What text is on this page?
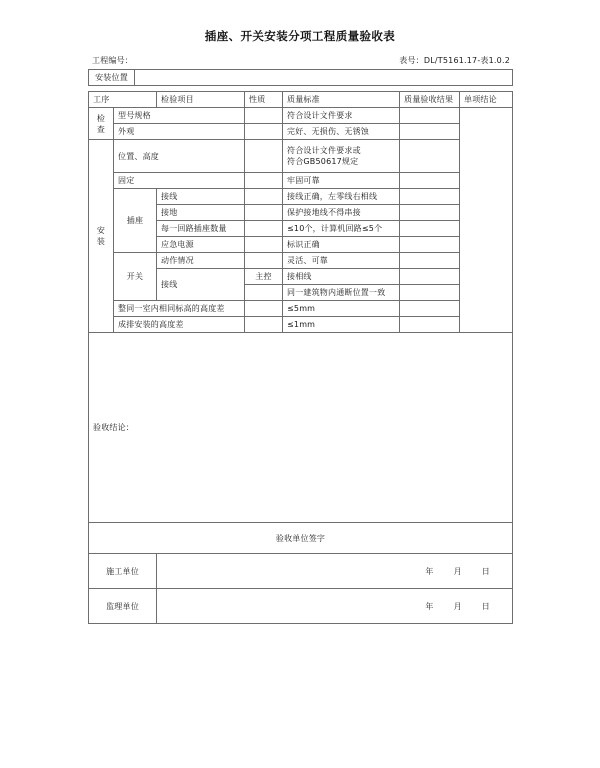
插座、开关安装分项工程质量验收表
工程编号：	表号：DL/T5161.17-表1.0.2
安装位置	
工序		检验项目	性质	质量标准	质量验收结果	单项结论
检查	型号规格			符合设计文件要求		
	外观			完好、无损伤、无锈蚀		
安装	位置、高度			符合设计文件要求或
符合GB50617规定		
	固定			牢固可靠		
	插座	接线		接线正确，左零线右相线		
		接地		保护接地线不得串接		
		每一回路插座数量		≤10个，计算机回路≤5个		
		应急电源		标识正确		
	开关	动作情况		灵活、可靠		
		接线	主控	接相线		
				同一建筑物内通断位置一致		
	整同一室内相同标高的高度差			≤5mm		
	成排安装的高度差			≤1mm		
验收结论：						
验收单位签字						
施工单位		年 月 日				

监理单位		年 月 日				
